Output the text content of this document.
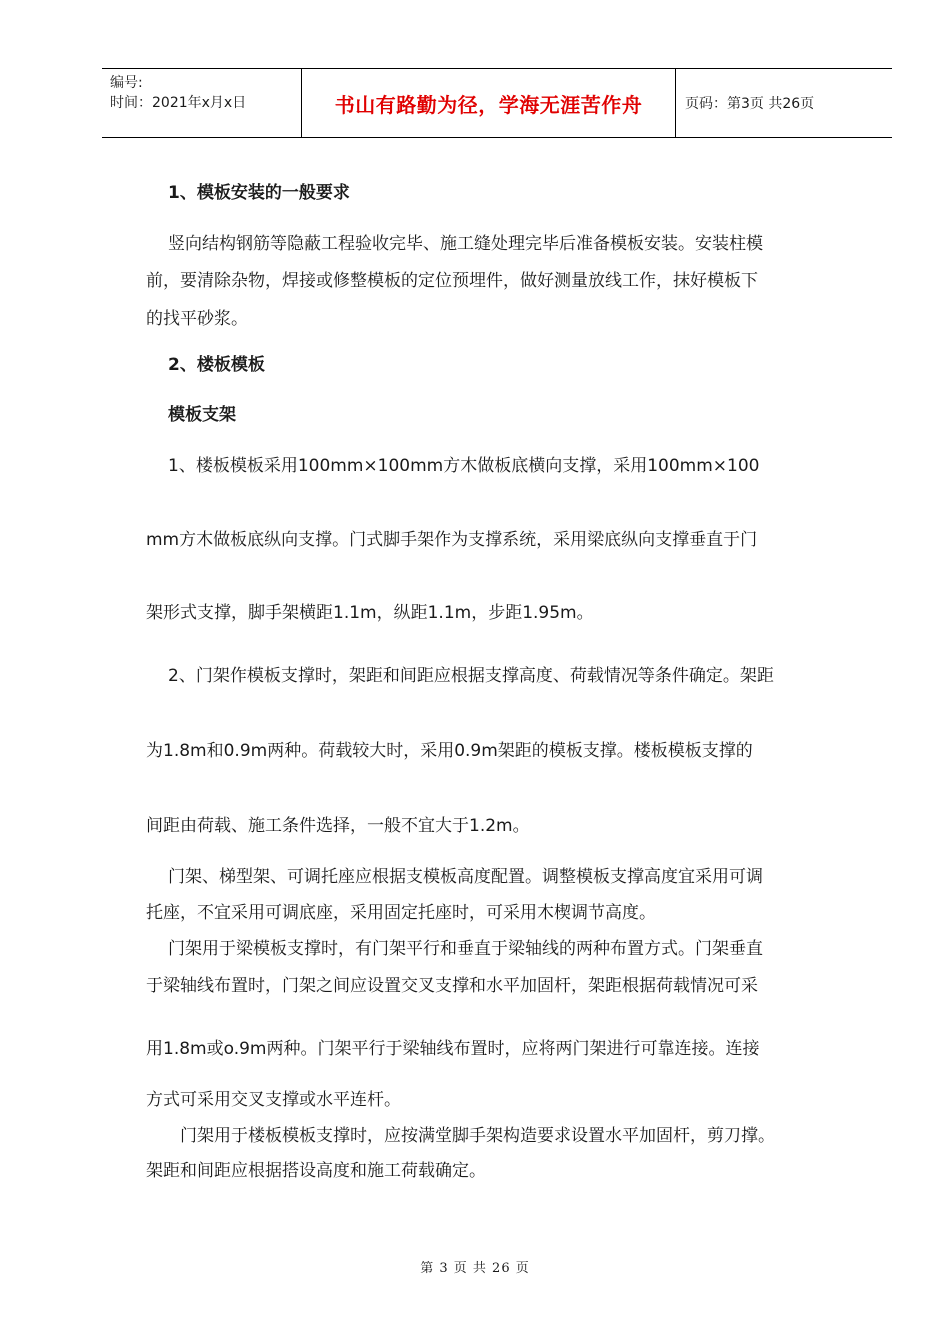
编号:
时间：2021年x月x日	书山有路勤为径，学海无涯苦作舟	页码：第3页 共26页
1、模板安装的一般要求
竖向结构钢筋等隐蔽工程验收完毕、施工缝处理完毕后准备模板安装。安装柱模
前，要清除杂物，焊接或修整模板的定位预埋件，做好测量放线工作，抹好模板下
的找平砂浆。
2、楼板模板
模板支架
1、楼板模板采用100mm×100mm方木做板底横向支撑，采用100mm×100
mm方木做板底纵向支撑。门式脚手架作为支撑系统，采用梁底纵向支撑垂直于门
架形式支撑，脚手架横距1.1m，纵距1.1m，步距1.95m。
2、门架作模板支撑时，架距和间距应根据支撑高度、荷载情况等条件确定。架距
为1.8m和0.9m两种。荷载较大时，采用0.9m架距的模板支撑。楼板模板支撑的
间距由荷载、施工条件选择，一般不宜大于1.2m。
门架、梯型架、可调托座应根据支模板高度配置。调整模板支撑高度宜采用可调
托座，不宜采用可调底座，采用固定托座时，可采用木楔调节高度。
门架用于梁模板支撑时，有门架平行和垂直于梁轴线的两种布置方式。门架垂直
于梁轴线布置时，门架之间应设置交叉支撑和水平加固杆，架距根据荷载情况可采
用1.8m或o.9m两种。门架平行于梁轴线布置时，应将两门架进行可靠连接。连接
方式可采用交叉支撑或水平连杆。
门架用于楼板模板支撑时，应按满堂脚手架构造要求设置水平加固杆，剪刀撑。
架距和间距应根据搭设高度和施工荷载确定。
第 3 页 共 26 页
